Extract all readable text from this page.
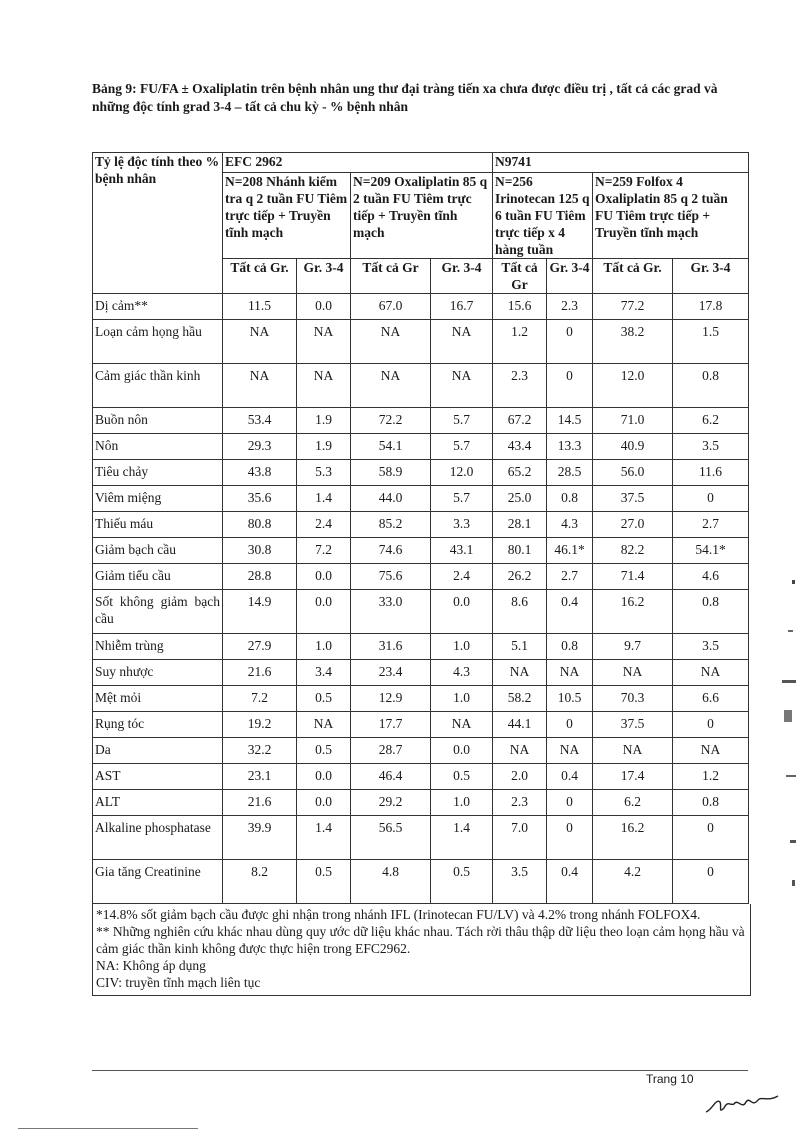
Bảng 9: FU/FA ± Oxaliplatin trên bệnh nhân ung thư đại tràng tiến xa chưa được điều trị , tất cả các grad và những độc tính grad 3-4 – tất cả chu kỳ - % bệnh nhân
Tỷ lệ độc tính theo % bệnh nhân	EFC 2962				N9741			
	N=208 Nhánh kiểm tra q 2 tuần FU Tiêm trực tiếp + Truyền tĩnh mạch		N=209 Oxaliplatin 85 q 2 tuần FU Tiêm trực tiếp + Truyền tĩnh mạch		N=256 Irinotecan 125 q 6 tuần FU Tiêm trực tiếp x 4 hàng tuần		N=259 Folfox 4 Oxaliplatin 85 q 2 tuần FU Tiêm trực tiếp + Truyền tĩnh mạch	
	Tất cả Gr.	Gr. 3-4	Tất cả Gr	Gr. 3-4	Tất cả Gr	Gr. 3-4	Tất cả Gr.	Gr. 3-4
Dị cảm**	11.5	0.0	67.0	16.7	15.6	2.3	77.2	17.8
Loạn cảm họng hầu	NA	NA	NA	NA	1.2	0	38.2	1.5
Cảm giác thần kinh	NA	NA	NA	NA	2.3	0	12.0	0.8
Buồn nôn	53.4	1.9	72.2	5.7	67.2	14.5	71.0	6.2
Nôn	29.3	1.9	54.1	5.7	43.4	13.3	40.9	3.5
Tiêu chảy	43.8	5.3	58.9	12.0	65.2	28.5	56.0	11.6
Viêm miệng	35.6	1.4	44.0	5.7	25.0	0.8	37.5	0
Thiếu máu	80.8	2.4	85.2	3.3	28.1	4.3	27.0	2.7
Giảm bạch cầu	30.8	7.2	74.6	43.1	80.1	46.1*	82.2	54.1*
Giảm tiểu cầu	28.8	0.0	75.6	2.4	26.2	2.7	71.4	4.6
Sốt không giảm bạch cầu	14.9	0.0	33.0	0.0	8.6	0.4	16.2	0.8
Nhiễm trùng	27.9	1.0	31.6	1.0	5.1	0.8	9.7	3.5
Suy nhược	21.6	3.4	23.4	4.3	NA	NA	NA	NA
Mệt mỏi	7.2	0.5	12.9	1.0	58.2	10.5	70.3	6.6
Rụng tóc	19.2	NA	17.7	NA	44.1	0	37.5	0
Da	32.2	0.5	28.7	0.0	NA	NA	NA	NA
AST	23.1	0.0	46.4	0.5	2.0	0.4	17.4	1.2
ALT	21.6	0.0	29.2	1.0	2.3	0	6.2	0.8
Alkaline phosphatase	39.9	1.4	56.5	1.4	7.0	0	16.2	0
Gia tăng Creatinine	8.2	0.5	4.8	0.5	3.5	0.4	4.2	0
*14.8% sốt giảm bạch cầu được ghi nhận trong nhánh IFL (Irinotecan FU/LV) và 4.2% trong nhánh FOLFOX4.
** Những nghiên cứu khác nhau dùng quy ước dữ liệu khác nhau. Tách rời thâu thập dữ liệu theo loạn cảm họng hầu và cảm giác thần kinh không được thực hiện trong EFC2962.
NA: Không áp dụng
CIV: truyền tĩnh mạch liên tục
Trang 10
